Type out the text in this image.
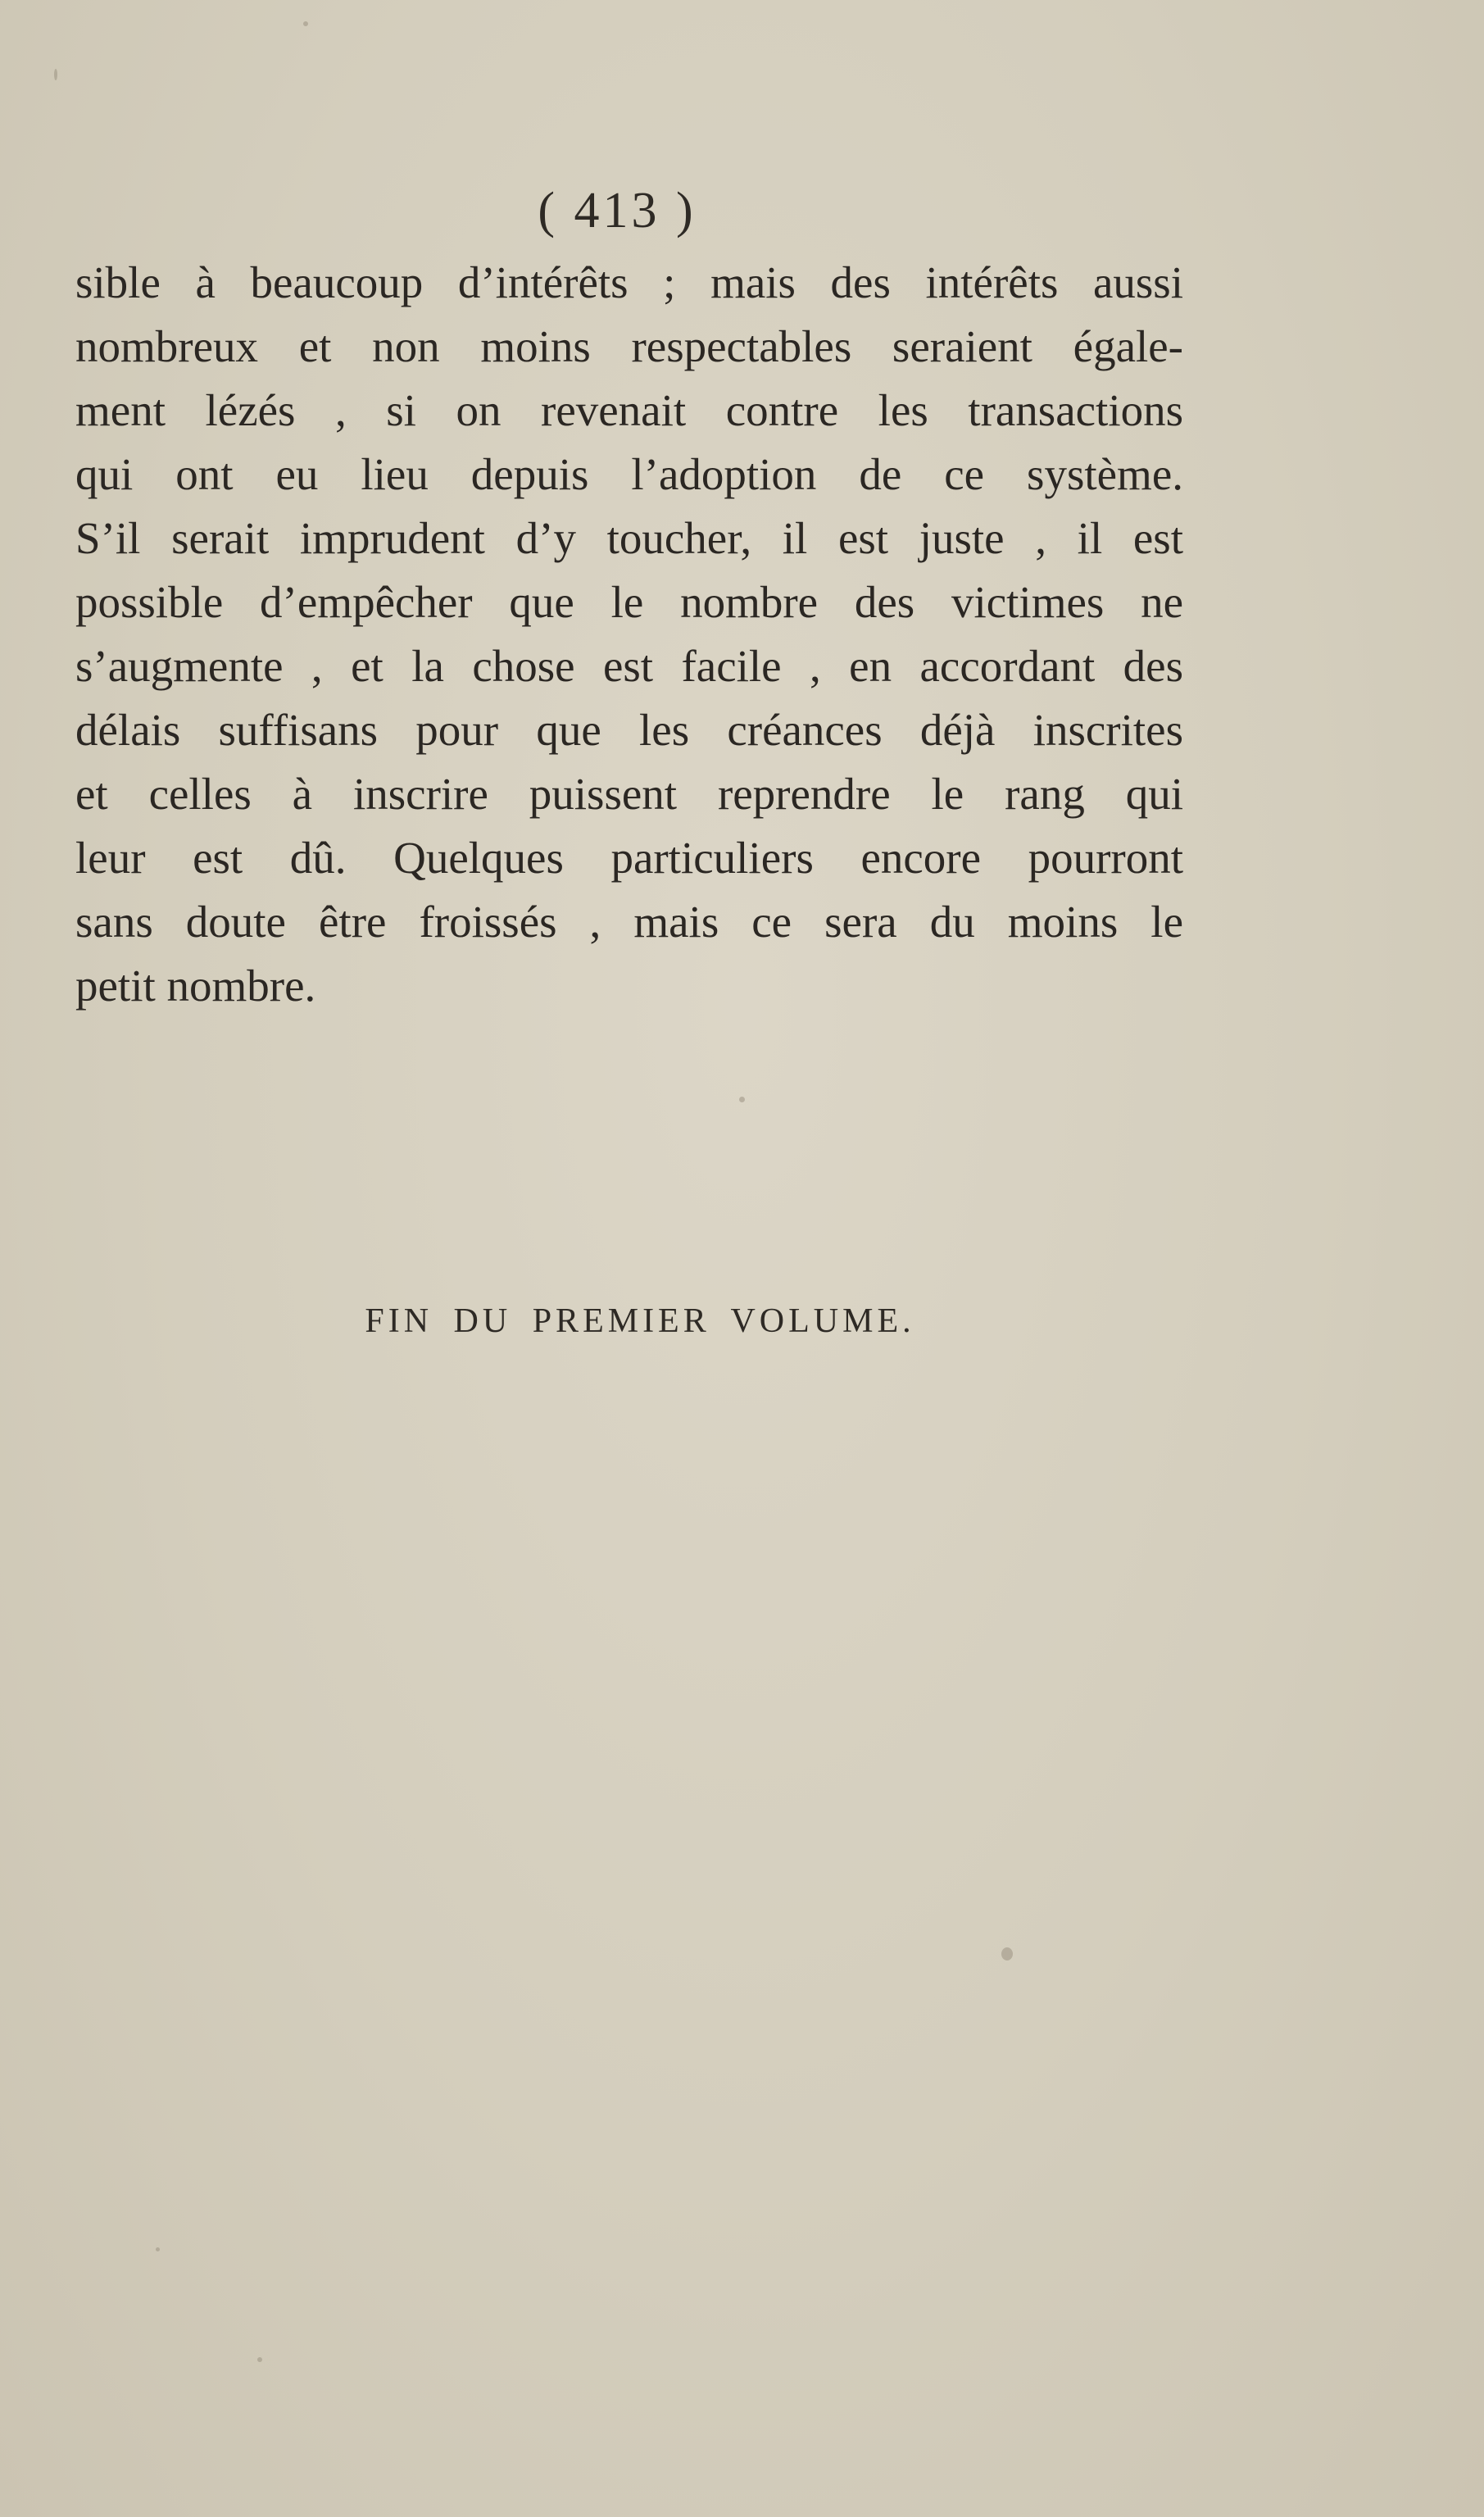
( 413 )
sible à beaucoup d’intérêts ; mais des intérêts aussi
nombreux et non moins respectables seraient égale-
ment lézés , si on revenait contre les transactions
qui ont eu lieu depuis l’adoption de ce système.
S’il serait imprudent d’y toucher, il est juste , il est
possible d’empêcher que le nombre des victimes ne
s’augmente , et la chose est facile , en accordant des
délais suffisans pour que les créances déjà inscrites
et celles à inscrire puissent reprendre le rang qui
leur est dû. Quelques particuliers encore pourront
sans doute être froissés , mais ce sera du moins le
petit nombre.
FIN DU PREMIER VOLUME.
